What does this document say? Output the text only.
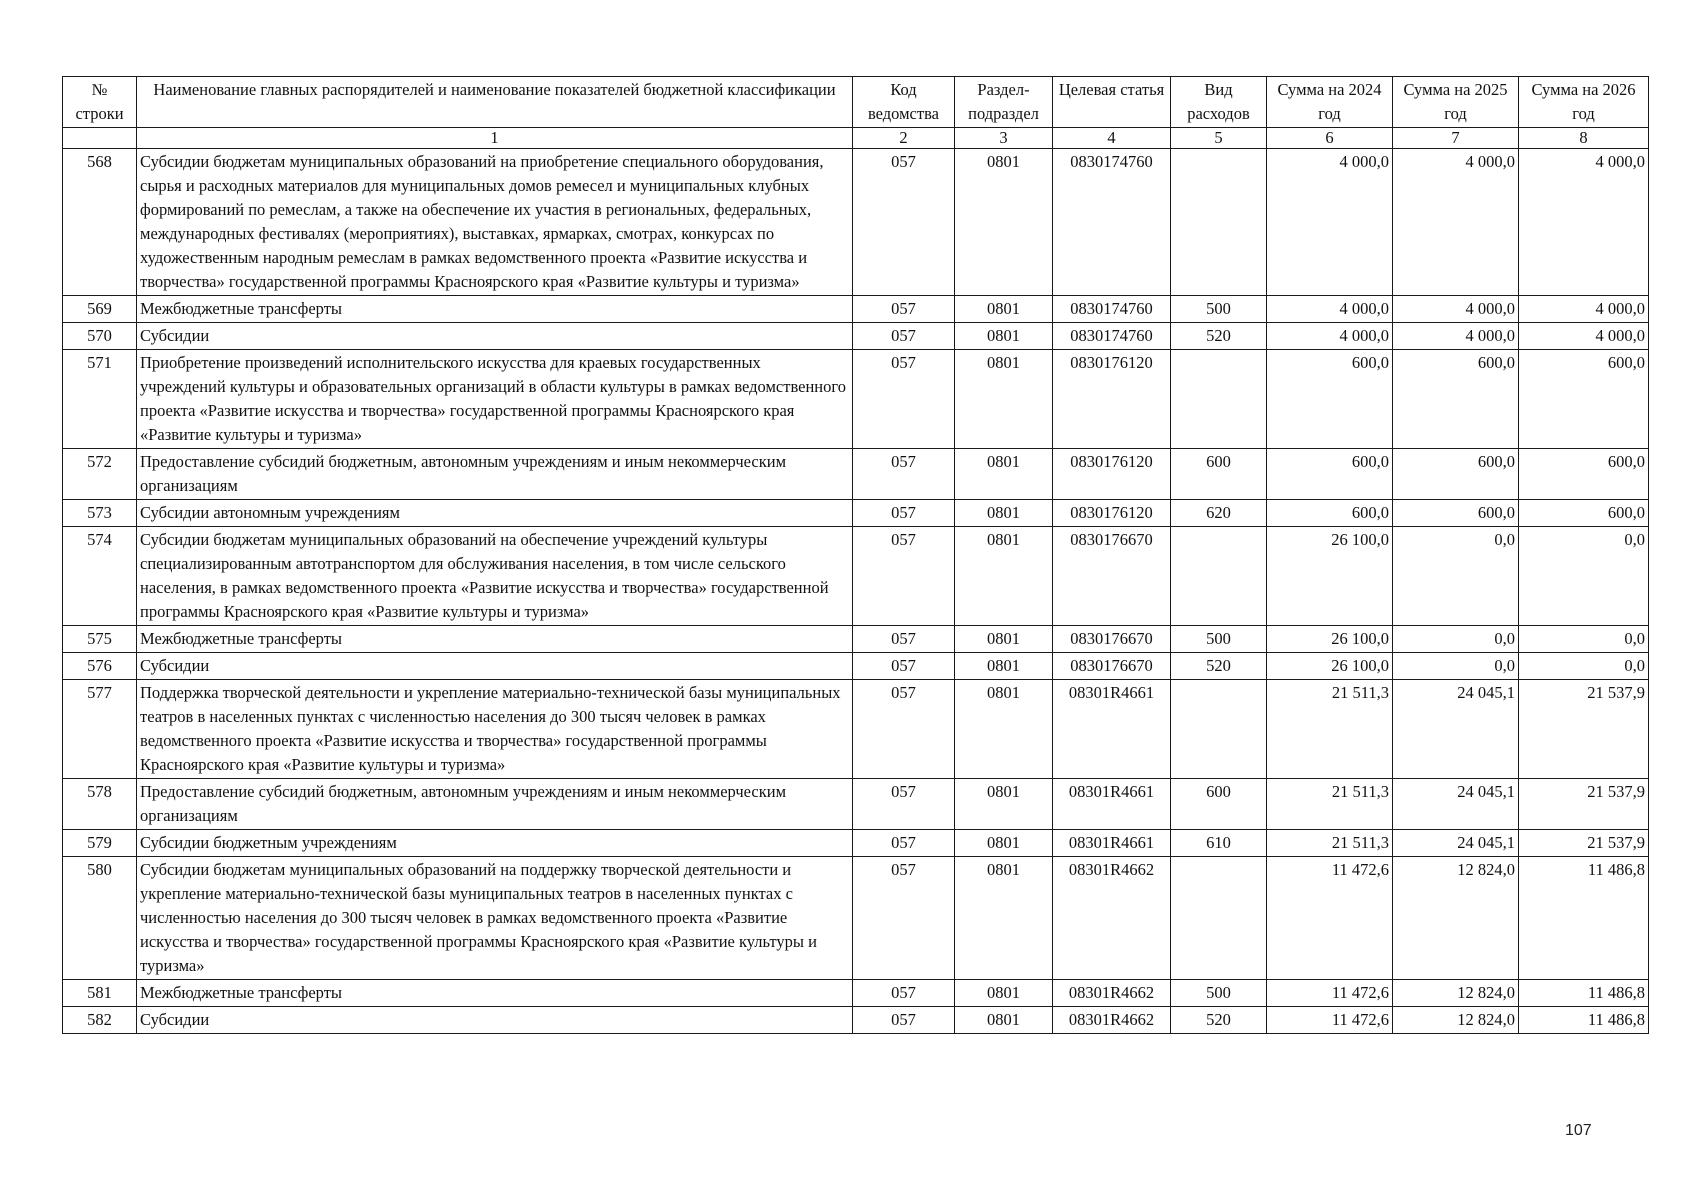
№ строки	Наименование главных распорядителей и наименование показателей бюджетной классификации	Код ведомства	Раздел-подраздел	Целевая статья	Вид расходов	Сумма на 2024 год	Сумма на 2025 год	Сумма на 2026 год
	1	2	3	4	5	6	7	8
568	Субсидии бюджетам муниципальных образований на приобретение специального оборудования, сырья и расходных материалов для муниципальных домов ремесел и муниципальных клубных формирований по ремеслам, а также на обеспечение их участия в региональных, федеральных, международных фестивалях (мероприятиях), выставках, ярмарках, смотрах, конкурсах по художественным народным ремеслам в рамках ведомственного проекта «Развитие искусства и творчества» государственной программы Красноярского края «Развитие культуры и туризма»	057	0801	0830174760		4 000,0	4 000,0	4 000,0
569	Межбюджетные трансферты	057	0801	0830174760	500	4 000,0	4 000,0	4 000,0
570	Субсидии	057	0801	0830174760	520	4 000,0	4 000,0	4 000,0
571	Приобретение произведений исполнительского искусства для краевых государственных учреждений культуры и образовательных организаций в области культуры в рамках ведомственного проекта «Развитие искусства и творчества» государственной программы Красноярского края «Развитие культуры и туризма»	057	0801	0830176120		600,0	600,0	600,0
572	Предоставление субсидий бюджетным, автономным учреждениям и иным некоммерческим организациям	057	0801	0830176120	600	600,0	600,0	600,0
573	Субсидии автономным учреждениям	057	0801	0830176120	620	600,0	600,0	600,0
574	Субсидии бюджетам муниципальных образований на обеспечение учреждений культуры специализированным автотранспортом для обслуживания населения, в том числе сельского населения, в рамках ведомственного проекта «Развитие искусства и творчества» государственной программы Красноярского края «Развитие культуры и туризма»	057	0801	0830176670		26 100,0	0,0	0,0
575	Межбюджетные трансферты	057	0801	0830176670	500	26 100,0	0,0	0,0
576	Субсидии	057	0801	0830176670	520	26 100,0	0,0	0,0
577	Поддержка творческой деятельности и укрепление материально-технической базы муниципальных театров в населенных пунктах с численностью населения до 300 тысяч человек в рамках ведомственного проекта «Развитие искусства и творчества» государственной программы Красноярского края «Развитие культуры и туризма»	057	0801	08301R4661		21 511,3	24 045,1	21 537,9
578	Предоставление субсидий бюджетным, автономным учреждениям и иным некоммерческим организациям	057	0801	08301R4661	600	21 511,3	24 045,1	21 537,9
579	Субсидии бюджетным учреждениям	057	0801	08301R4661	610	21 511,3	24 045,1	21 537,9
580	Субсидии бюджетам муниципальных образований на поддержку творческой деятельности и укрепление материально-технической базы муниципальных театров в населенных пунктах с численностью населения до 300 тысяч человек в рамках ведомственного проекта «Развитие искусства и творчества» государственной программы Красноярского края «Развитие культуры и туризма»	057	0801	08301R4662		11 472,6	12 824,0	11 486,8
581	Межбюджетные трансферты	057	0801	08301R4662	500	11 472,6	12 824,0	11 486,8
582	Субсидии	057	0801	08301R4662	520	11 472,6	12 824,0	11 486,8
107
